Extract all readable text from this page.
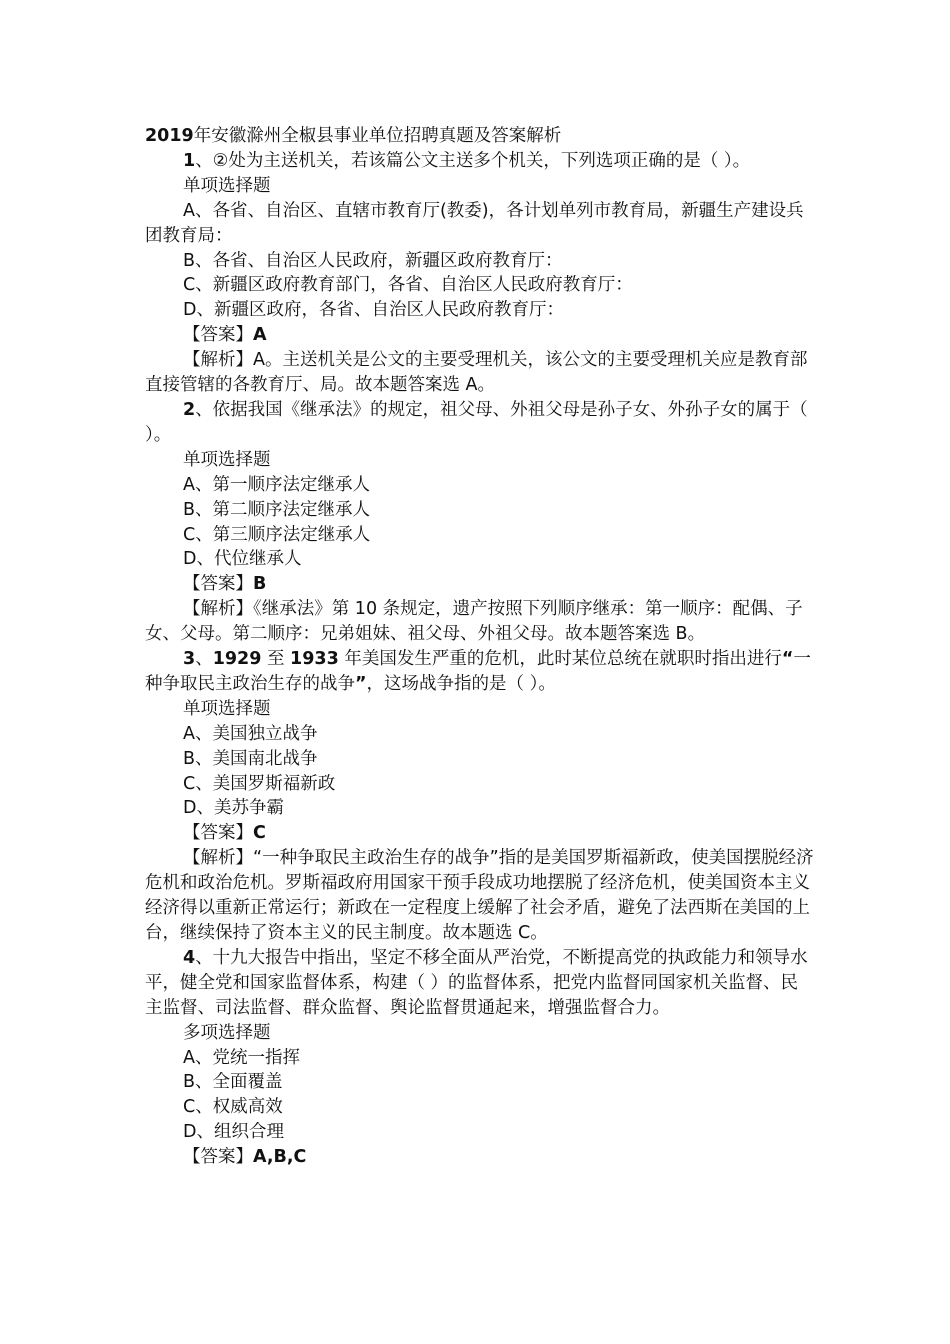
2019年安徽滁州全椒县事业单位招聘真题及答案解析
1、②处为主送机关，若该篇公文主送多个机关，下列选项正确的是（ ）。
单项选择题
A、各省、自治区、直辖市教育厅(教委)，各计划单列市教育局，新疆生产建设兵团教育局：
B、各省、自治区人民政府，新疆区政府教育厅：
C、新疆区政府教育部门，各省、自治区人民政府教育厅：
D、新疆区政府，各省、自治区人民政府教育厅：
【答案】A
【解析】A。主送机关是公文的主要受理机关，该公文的主要受理机关应是教育部直接管辖的各教育厅、局。故本题答案选 A。
2、依据我国《继承法》的规定，祖父母、外祖父母是孙子女、外孙子女的属于（ ）。
单项选择题
A、第一顺序法定继承人
B、第二顺序法定继承人
C、第三顺序法定继承人
D、代位继承人
【答案】B
【解析】《继承法》第 10 条规定，遗产按照下列顺序继承：第一顺序：配偶、子女、父母。第二顺序：兄弟姐妹、祖父母、外祖父母。故本题答案选 B。
3、1929 至 1933 年美国发生严重的危机，此时某位总统在就职时指出进行“一种争取民主政治生存的战争”，这场战争指的是（ ）。
单项选择题
A、美国独立战争
B、美国南北战争
C、美国罗斯福新政
D、美苏争霸
【答案】C
【解析】“一种争取民主政治生存的战争”指的是美国罗斯福新政，使美国摆脱经济危机和政治危机。罗斯福政府用国家干预手段成功地摆脱了经济危机，使美国资本主义经济得以重新正常运行；新政在一定程度上缓解了社会矛盾，避免了法西斯在美国的上台，继续保持了资本主义的民主制度。故本题选 C。
4、十九大报告中指出，坚定不移全面从严治党，不断提高党的执政能力和领导水平，健全党和国家监督体系，构建（ ）的监督体系，把党内监督同国家机关监督、民主监督、司法监督、群众监督、舆论监督贯通起来，增强监督合力。
多项选择题
A、党统一指挥
B、全面覆盖
C、权威高效
D、组织合理
【答案】A,B,C
